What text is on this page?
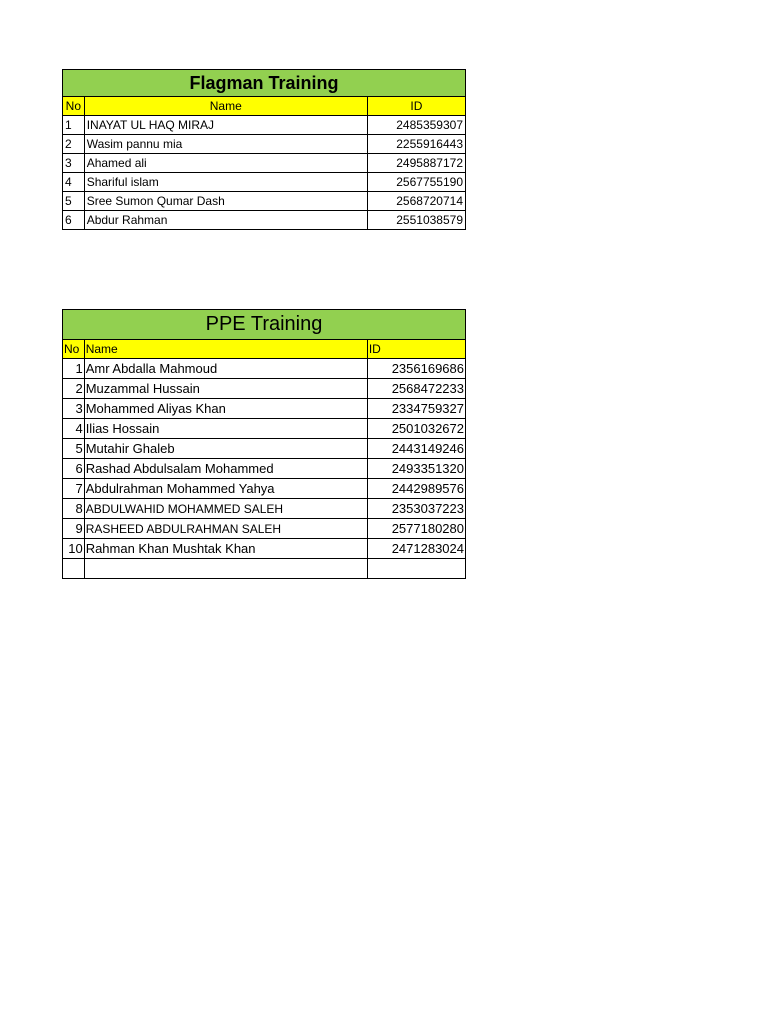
Flagman Training		
No	Name	ID
1	INAYAT UL HAQ MIRAJ	2485359307
2	Wasim pannu mia	2255916443
3	Ahamed ali	2495887172
4	Shariful islam	2567755190
5	Sree Sumon Qumar Dash	2568720714
6	Abdur Rahman	2551038579
PPE Training		
No	Name	ID
1	Amr Abdalla Mahmoud	2356169686
2	Muzammal Hussain	2568472233
3	Mohammed Aliyas Khan	2334759327
4	Ilias Hossain	2501032672
5	Mutahir Ghaleb	2443149246
6	Rashad Abdulsalam Mohammed	2493351320
7	Abdulrahman Mohammed Yahya	2442989576
8	ABDULWAHID MOHAMMED SALEH	2353037223
9	RASHEED ABDULRAHMAN SALEH	2577180280
10	Rahman Khan Mushtak Khan	2471283024
